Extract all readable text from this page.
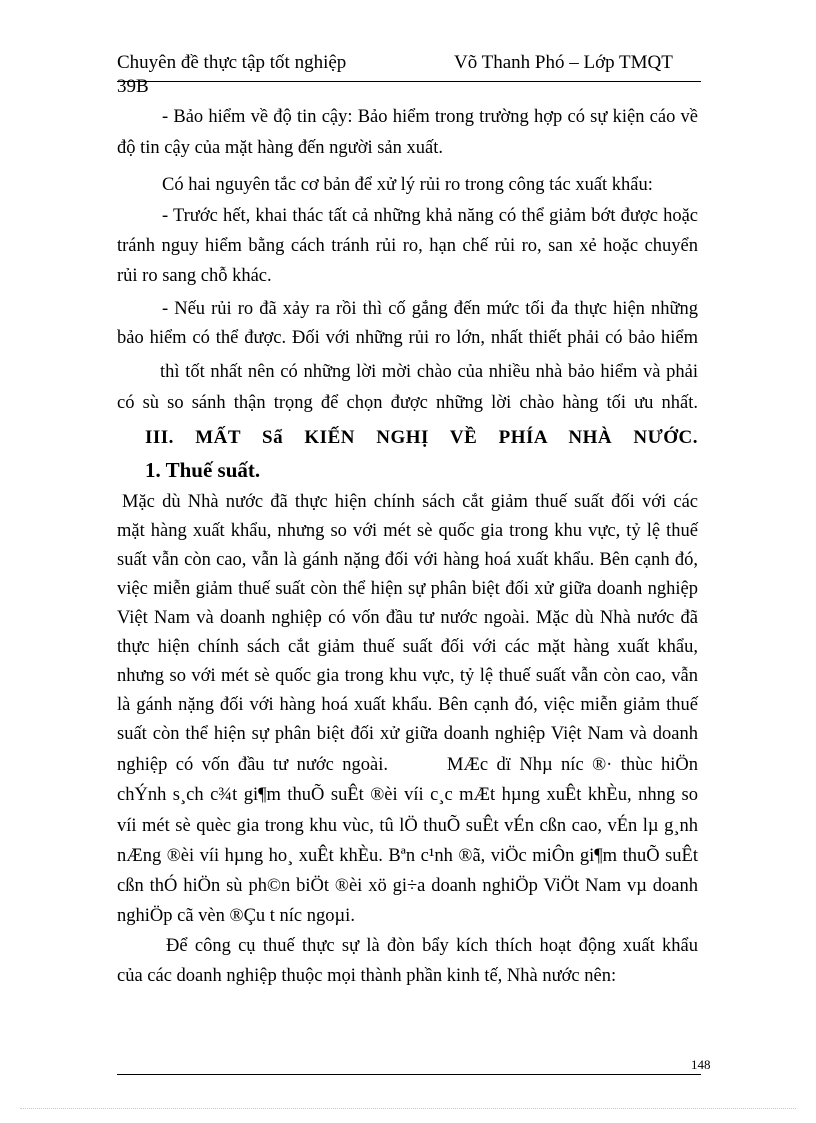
Chuyên đề thực tập tốt nghiệp	Võ Thanh Phó – Lớp TMQT
39B
- Bảo hiểm về độ tin cậy: Bảo hiểm trong trường hợp có sự kiện cáo về
độ tin cậy của mặt hàng đến người sản xuất.
Có hai nguyên tắc cơ bản để xử lý rủi ro trong công tác xuất khẩu:
- Trước hết, khai thác tất cả những khả năng có thể giảm bớt được hoặc
tránh nguy hiểm bằng cách tránh rủi ro, hạn chế rủi ro, san xẻ hoặc chuyển
rủi ro sang chỗ khác.
- Nếu rủi ro đã xảy ra rồi thì cố gắng đến mức tối đa thực hiện những
bảo hiểm có thể được. Đối với những rủi ro lớn, nhất thiết phải có bảo hiểm
thì tốt nhất nên có những lời mời chào của nhiều nhà bảo hiểm và phải
có sù so sánh thận trọng để chọn được những lời chào hàng tối ưu nhất.
III. MẤT Sẩ KIẾN NGHỊ VỀ PHÍA NHÀ NƯỚC.
1. Thuế suất.
Mặc dù Nhà nước đã thực hiện chính sách cắt giảm thuế suất đối với các
mặt hàng xuất khẩu, nhưng so với mét sè quốc gia trong khu vực, tỷ lệ thuế
suất vẫn còn cao, vẫn là gánh nặng đối với hàng hoá xuất khẩu. Bên cạnh đó,
việc miễn giảm thuế suất còn thể hiện sự phân biệt đối xử giữa doanh nghiệp
Việt Nam và doanh nghiệp có vốn đầu tư nước ngoài. Mặc dù Nhà nước đã
thực hiện chính sách cắt giảm thuế suất đối với các mặt hàng xuất khẩu,
nhưng so với mét sè quốc gia trong khu vực, tỷ lệ thuế suất vẫn còn cao, vẫn
là gánh nặng đối với hàng hoá xuất khẩu. Bên cạnh đó, việc miễn giảm thuế
suất còn thể hiện sự phân biệt đối xử giữa doanh nghiệp Việt Nam và doanh
nghiệp có vốn đầu tư nước ngoài.       MÆc dï Nhµ níc ®· thùc hiÖn
chÝnh s¸ch c¾t gi¶m thuÕ suÊt ®èi víi c¸c mÆt hµng xuÊt khÈu, nhng so
víi mét sè quèc gia trong khu vùc, tû lÖ thuÕ suÊt vÉn cßn cao, vÉn lµ g¸nh
nÆng ®èi víi hµng ho¸ xuÊt khÈu. Bªn c¹nh ®ã, viÖc miÔn gi¶m thuÕ suÊt
cßn thÓ hiÖn sù ph©n biÖt ®èi xö gi÷a doanh nghiÖp ViÖt Nam vµ doanh
nghiÖp cã vèn ®Çu t níc ngoµi.
Để công cụ thuế thực sự là đòn bẩy kích thích hoạt động xuất khẩu
của các doanh nghiệp thuộc mọi thành phần kinh tế, Nhà nước nên:
148
